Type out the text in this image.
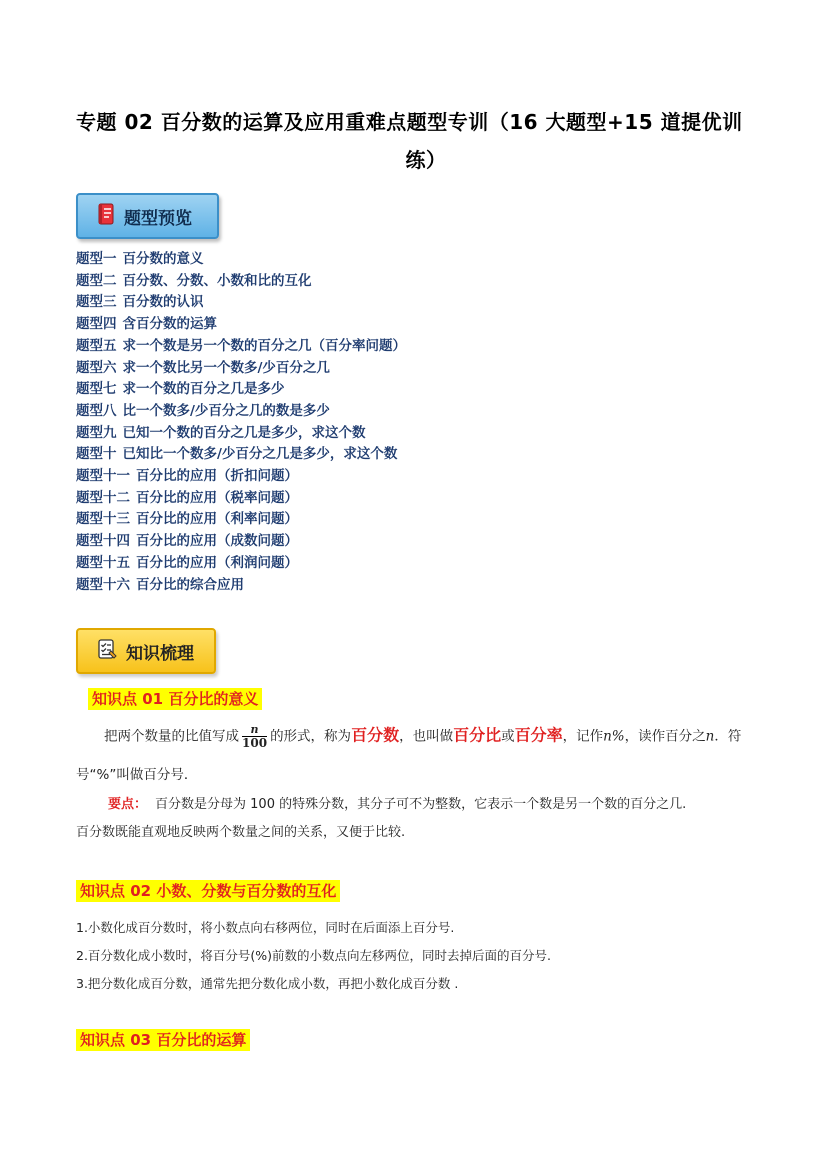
专题 02 百分数的运算及应用重难点题型专训（16 大题型+15 道提优训
练）
题型预览
题型一 百分数的意义
题型二 百分数、分数、小数和比的互化
题型三 百分数的认识
题型四 含百分数的运算
题型五 求一个数是另一个数的百分之几（百分率问题）
题型六 求一个数比另一个数多/少百分之几
题型七 求一个数的百分之几是多少
题型八 比一个数多/少百分之几的数是多少
题型九 已知一个数的百分之几是多少，求这个数
题型十 已知比一个数多/少百分之几是多少，求这个数
题型十一 百分比的应用（折扣问题）
题型十二 百分比的应用（税率问题）
题型十三 百分比的应用（利率问题）
题型十四 百分比的应用（成数问题）
题型十五 百分比的应用（利润问题）
题型十六 百分比的综合应用
知识梳理
知识点 01 百分比的意义
把两个数量的比值写成 $\frac{n}{100}$ 的形式，称为百分数，也叫做百分比或百分率，记作n%，读作百分之n．符
号“%”叫做百分号．
要点： 百分数是分母为 100 的特殊分数，其分子可不为整数，它表示一个数是另一个数的百分之几.
百分数既能直观地反映两个数量之间的关系，又便于比较.
知识点 02 小数、分数与百分数的互化
1.小数化成百分数时，将小数点向右移两位，同时在后面添上百分号.
2.百分数化成小数时，将百分号(%)前数的小数点向左移两位，同时去掉后面的百分号.
3.把分数化成百分数，通常先把分数化成小数，再把小数化成百分数 .
知识点 03 百分比的运算
